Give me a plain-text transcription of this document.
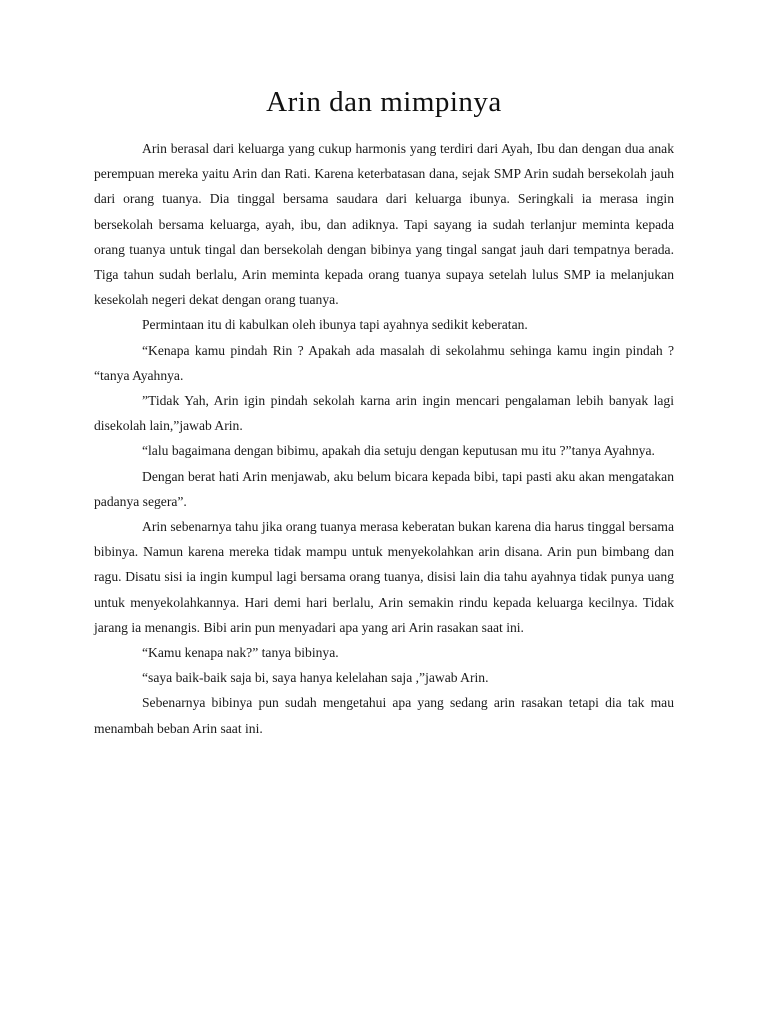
Arin dan mimpinya

Arin berasal dari keluarga yang cukup harmonis yang terdiri dari Ayah, Ibu dan dengan dua anak perempuan mereka yaitu Arin dan Rati. Karena keterbatasan dana, sejak SMP Arin sudah bersekolah jauh dari orang tuanya. Dia tinggal bersama saudara dari keluarga ibunya. Seringkali ia merasa ingin bersekolah bersama keluarga, ayah, ibu, dan adiknya. Tapi sayang ia sudah terlanjur meminta kepada orang tuanya untuk tingal dan bersekolah dengan bibinya yang tingal sangat jauh dari tempatnya berada. Tiga tahun sudah berlalu, Arin meminta kepada orang tuanya supaya setelah lulus SMP ia melanjukan kesekolah negeri dekat dengan orang tuanya.

Permintaan itu di kabulkan oleh ibunya tapi ayahnya sedikit keberatan.

“Kenapa kamu pindah Rin ? Apakah ada masalah di sekolahmu sehinga kamu ingin pindah ? “tanya Ayahnya.

”Tidak Yah, Arin igin pindah sekolah karna arin ingin mencari pengalaman lebih banyak lagi disekolah lain,”jawab Arin.

“lalu bagaimana dengan bibimu, apakah dia setuju dengan keputusan mu itu ?”tanya Ayahnya.

Dengan berat hati Arin menjawab, aku belum bicara kepada bibi, tapi pasti aku akan mengatakan padanya segera”.

Arin sebenarnya tahu jika orang tuanya merasa keberatan bukan karena dia harus tinggal bersama bibinya. Namun karena mereka tidak mampu untuk menyekolahkan arin disana. Arin pun bimbang dan ragu. Disatu sisi ia ingin kumpul lagi bersama orang tuanya, disisi lain dia tahu ayahnya tidak punya uang untuk menyekolahkannya. Hari demi hari berlalu, Arin semakin rindu kepada keluarga kecilnya. Tidak jarang ia menangis. Bibi arin pun menyadari apa yang ari Arin rasakan saat ini.

“Kamu kenapa nak?” tanya bibinya.

“saya baik-baik saja bi, saya hanya kelelahan saja ,”jawab Arin.

Sebenarnya bibinya pun sudah mengetahui apa yang sedang arin rasakan tetapi dia tak mau menambah beban Arin saat ini.
